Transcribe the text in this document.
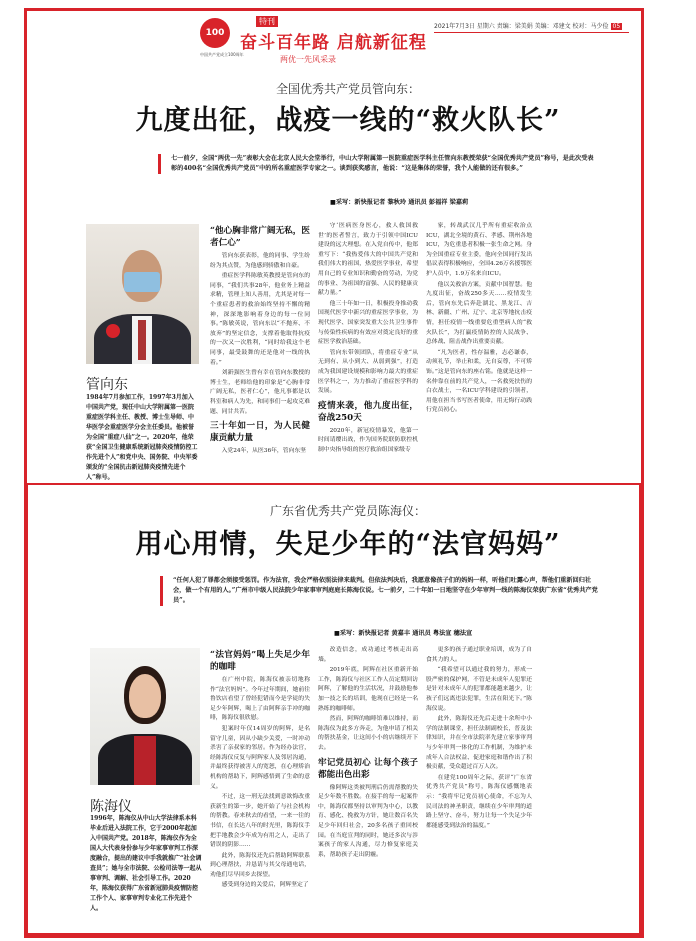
100
中国共产党成立100周年
特刊
奋斗百年路 启航新征程
两优一先风采录
2021年7月3日 星期六 责编：梁美娟 美编：邓建文 校对：马少俭 05
全国优秀共产党员管向东：
九度出征，战疫一线的“救火队长”
七一前夕，全国“两优一先”表彰大会在北京人民大会堂举行，中山大学附属第一医院重症医学科主任管向东教授荣获“全国优秀共产党员”称号，是此次受表彰的400名“全国优秀共产党员”中的所名重症医学专家之一。谈到获奖感言，他说：“这是集体的荣誉，我个人能做的还有很多。”
■采写：新快报记者 黎秋玲 通讯员 彭福祥 梁嘉莉
管向东
1984年7月参加工作，1997年3月加入中国共产党，现任中山大学附属第一医院重症医学科主任、教授、博士生导师、中华医学会重症医学分会主任委员。他被誉为全国“重症八仙”之一。2020年，他荣获“全国卫生健康系统新冠肺炎疫情防控工作先进个人”和党中央、国务院、中央军委颁发的“全国抗击新冠肺炎疫情先进个人”称号。
“他心胸非常广阔无私，医者仁心”

管向东获表彰，他的同事、学生纷纷为其点赞，为他感到骄傲和自豪。

重症医学科陈敏英教授是管向东的同事，“我们共事28年，他业务上精益求精，管理上知人善用，尤其是对每一个重症患者的救治始终坚持不懈的精神，深深地影响着身边的每一位同事。”陈敏英说，管向东以“不抛弃、不放弃”的坚定信念，支撑着他取得抗疫的一次又一次胜利，“同时给我这个老同事，最受鼓舞的还是他对一线的执着。”

刘新强医生曾有幸在管向东教授的博士生，老师给他的印象是“心胸非常广阔无私，医者仁心”，他凡事都是以科室和病人为先，和同事们一起攻克难题、同甘共苦。

三十年如一日，为人民健康贡献力量

入党24年，从医36年，管向东坚

守‘医病医身医心，救人救国救世’的医者誓言，致力于引领中国ICU建设的远大理想。在入党自传中，他郑重写下：“我热爱伟大的中国共产党和我们伟大的祖国，热爱医学事业，希望用自己的专业知识和勤奋的劳动，为党的事业、为祖国的富强、人民的健康贡献力量。”

他三十年如一日，积极投身推动我国现代医学中新兴的重症医学事业，为现代医学、国家突发重大公共卫生事件与传染性疾病的有效应对奠定良好的重症医学救治基础。

管向东带领团队，将重症专业“从无到有、从小到大、从弱到强”，打造成为我国建设规模和影响力最大的重症医学科之一，为力推动了重症医学科的发展。

疫情来袭，他九度出征，奋战250天

2020年，新冠疫情暴发，他第一时间请缨出战，作为国务院联防联控机制中央指导组的医疗救治组国家级专

家，转战武汉几乎所有重症收治点ICU，湖北全境的黄石、孝感、荆州各地ICU，为危重患者积极一张生命之网。身为全国重症专业主委，他向全国同行发出倡议表得积极响应，全国4.26万名援鄂医护人员中，1.9万名来自ICU。

他以关救治方案，贡献中国智慧。他九度出征，奋战250多天……疫情发生后，管向东先后奔赴湖北、黑龙江、吉林、新疆、广州、辽宁、北京等地抗击疫情，担任疫情一线重要危重型病人的“救火队长”，为打赢疫情防控的人民战争、总体战、阻击战作出重要贡献。

“凡为医者，性存温雅，志必谦恭，动须礼节，举止和柔，无自妄尊，不可矫饰。”这是管向东的座右铭。他就是这样一名仲靠在前的共产党人，一名救死扶伤的白衣战士，一名ICU学科建设的引领者，用他在担当书写医者使命，用无悔行动践行党员初心。

广东省优秀共产党员陈海仪：
用心用情，失足少年的“法官妈妈”
“任何人犯了罪都会须接受惩罚。作为法官，我会严格依照法律来裁判。但依法判决后，我愿意像孩子们的妈妈一样，听他们吐露心声，帮他们重新回归社会，做一个有用的人。”广州市中级人民法院少年家事审判庭庭长陈海仪说。七一前夕，二十年如一日地坚守在少年审判一线的陈海仪荣获广东省“优秀共产党员”。
■采写：新快报记者 黄嘉丰 通讯员 粤法宣 穗法宣
陈海仪
1996年，陈海仪从中山大学法律系本科毕业后进入法院工作，它于2000年起加入中国共产党。2018年，陈海仪作为全国人大代表身份参与少年家事审判工作深度融合，提出的建议中手我就推广“社会调查员”；她与全市法院、公检司法等一起从事审判、调解、社会引导工作。2020年，陈海仪获得广东省新冠肺炎疫情防控工作个人、家事审判专业化工作先进个人。
“法官妈妈”喝上失足少年的咖啡

在广州中院，陈海仪被亲切地称作“法官妈妈”。今年过年期间，她前往鲁饮店看望了曾经犯错而今是学徒的失足少年阿辉，喝上了由阿辉亲手冲的咖啡，陈海仪很欣慰。

犯案时年仅14周岁的阿辉，是名留守儿童，因从小缺少关爱，一时冲动杀害了亲叔家的邻居。作为经办法官，经陈海仪反复与阿辉家人及邻居沟通，并最终获得被害人的宽恕，在心理矫治机构的帮助下，阿辉感悟到了生命的意义。

不过，这一刑无法找到意欲悔改重获新生的第一步，她开始了与社会机构的帮教。春来秋去的看望，一来一往的书信，在长达八年的时光里，陈海仪手把手地教会少年成为有用之人，走出了错误的阴影……

此外，陈海仪还先后帮助阿辉联系到心理帮扶，并恳请与其父母通电话，劝他们尽早回乡去探望。

感受到身边的关爱后，阿辉坚定了

改造信念，成功通过考核走出高墙。

2019年底，阿辉在社区重新开始工作，陈海仪与社区工作人员定期回访阿辉，了解他的生活状况，并鼓励他参加一技之长的培训，他现在已经是一名熟练的咖啡师。

然而，阿辉的咖啡馆难以维持，而陈海仪为此多方奔走，为他申请了相关的帮扶基金，让这间小小的店继续开下去。

牢记党员初心 让每个孩子都能出色出彩

像阿辉这类被判刑后仍需帮教的失足少年数不胜数。在接手的每一起案件中，陈海仪都坚持以审判为中心，以教育、感化、挽救为方针，她让数百名失足少年回归社会，20多名孩子重回校园。在当庭宣判的同时，她还多次与涉案孩子的家人沟通，尽力修复家庭关系，帮助孩子走出阴霾。

更多的孩子通过职业培训，成为了自食其力的人。

“我希望可以通过我的努力，形成一股严密的保护网，不管是未成年人犯罪还是针对未成年人的犯罪都能越来越少，让孩子们远离违法犯罪，生活在阳光下。”陈海仪说。

此外，陈海仪还先后走进十余所中小学的法制课堂，担任法制副校长，普及法律知识，并在全市法院率先建立家事审判与少年审判一体化的工作机制，为维护未成年人合法权益、促进家庭和谐作出了积极贡献，受众超过百万人次。

在建党100周年之际，获评“广东省优秀共产党员”称号，陈海仪感慨地表示：“我将牢记党员初心使命，不忘为人民司法的神圣职责，继续在少年审判的道路上坚守、奋斗，努力让每一个失足少年都能感受到法治的温度。”
